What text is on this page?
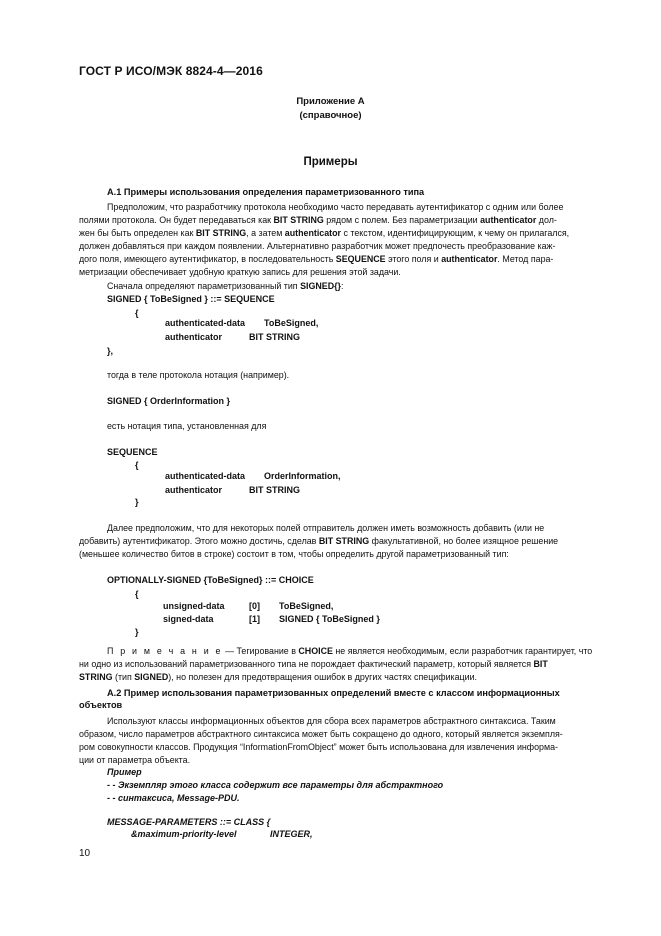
ГОСТ Р ИСО/МЭК 8824-4—2016
Приложение А
(справочное)
Примеры
А.1 Примеры использования определения параметризованного типа

Предположим, что разработчику протокола необходимо часто передавать аутентификатор с одним или более

полями протокола. Он будет передаваться как BIT STRING рядом с полем. Без параметризации authenticator дол-

жен бы быть определен как BIT STRING, а затем authenticator с текстом, идентифицирующим, к чему он прилагался,

должен добавляться при каждом появлении. Альтернативно разработчик может предпочесть преобразование каж-

дого поля, имеющего аутентификатор, в последовательность SEQUENCE этого поля и authenticator. Метод пара-

метризации обеспечивает удобную краткую запись для решения этой задачи.

Сначала определяют параметризованный тип SIGNED{}:
SIGNED { ToBeSigned } ::= SEQUENCE
{
authenticated-data ToBeSigned,
authenticator	BIT STRING
},
тогда в теле протокола нотация (например).
SIGNED { OrderInformation }
есть нотация типа, установленная для
SEQUENCE
{
authenticated-data OrderInformation,
authenticator	BIT STRING
}

Далее предположим, что для некоторых полей отправитель должен иметь возможность добавить (или не

добавить) аутентификатор. Этого можно достичь, сделав BIT STRING факультативной, но более изящное решение

(меньшее количество битов в строке) состоит в том, чтобы определить другой параметризованный тип:

OPTIONALLY-SIGNED {ToBeSigned} ::= CHOICE
{
unsigned-data	[0] ToBeSigned,
signed-data	[1] SIGNED { ToBeSigned }
}

П р и м е ч а н и е — Тегирование в CHOICE не является необходимым, если разработчик гарантирует, что

ни одно из использований параметризованного типа не порождает фактический параметр, который является BIT

STRING (тип SIGNED), но полезен для предотвращения ошибок в других частях спецификации.

А.2 Пример использования параметризованных определений вместе с классом информационных
объектов

Используют классы информационных объектов для сбора всех параметров абстрактного синтаксиса. Таким

образом, число параметров абстрактного синтаксиса может быть сокращено до одного, который является экземпля-

ром совокупности классов. Продукция “InformationFromObject” может быть использована для извлечения информа-

ции от параметра объекта.

Пример
- - Экземпляр этого класса содержит все параметры для абстрактного
- - синтаксиса, Message-PDU.
MESSAGE-PARAMETERS ::= CLASS {
&maximum-priority-level	INTEGER,
10
